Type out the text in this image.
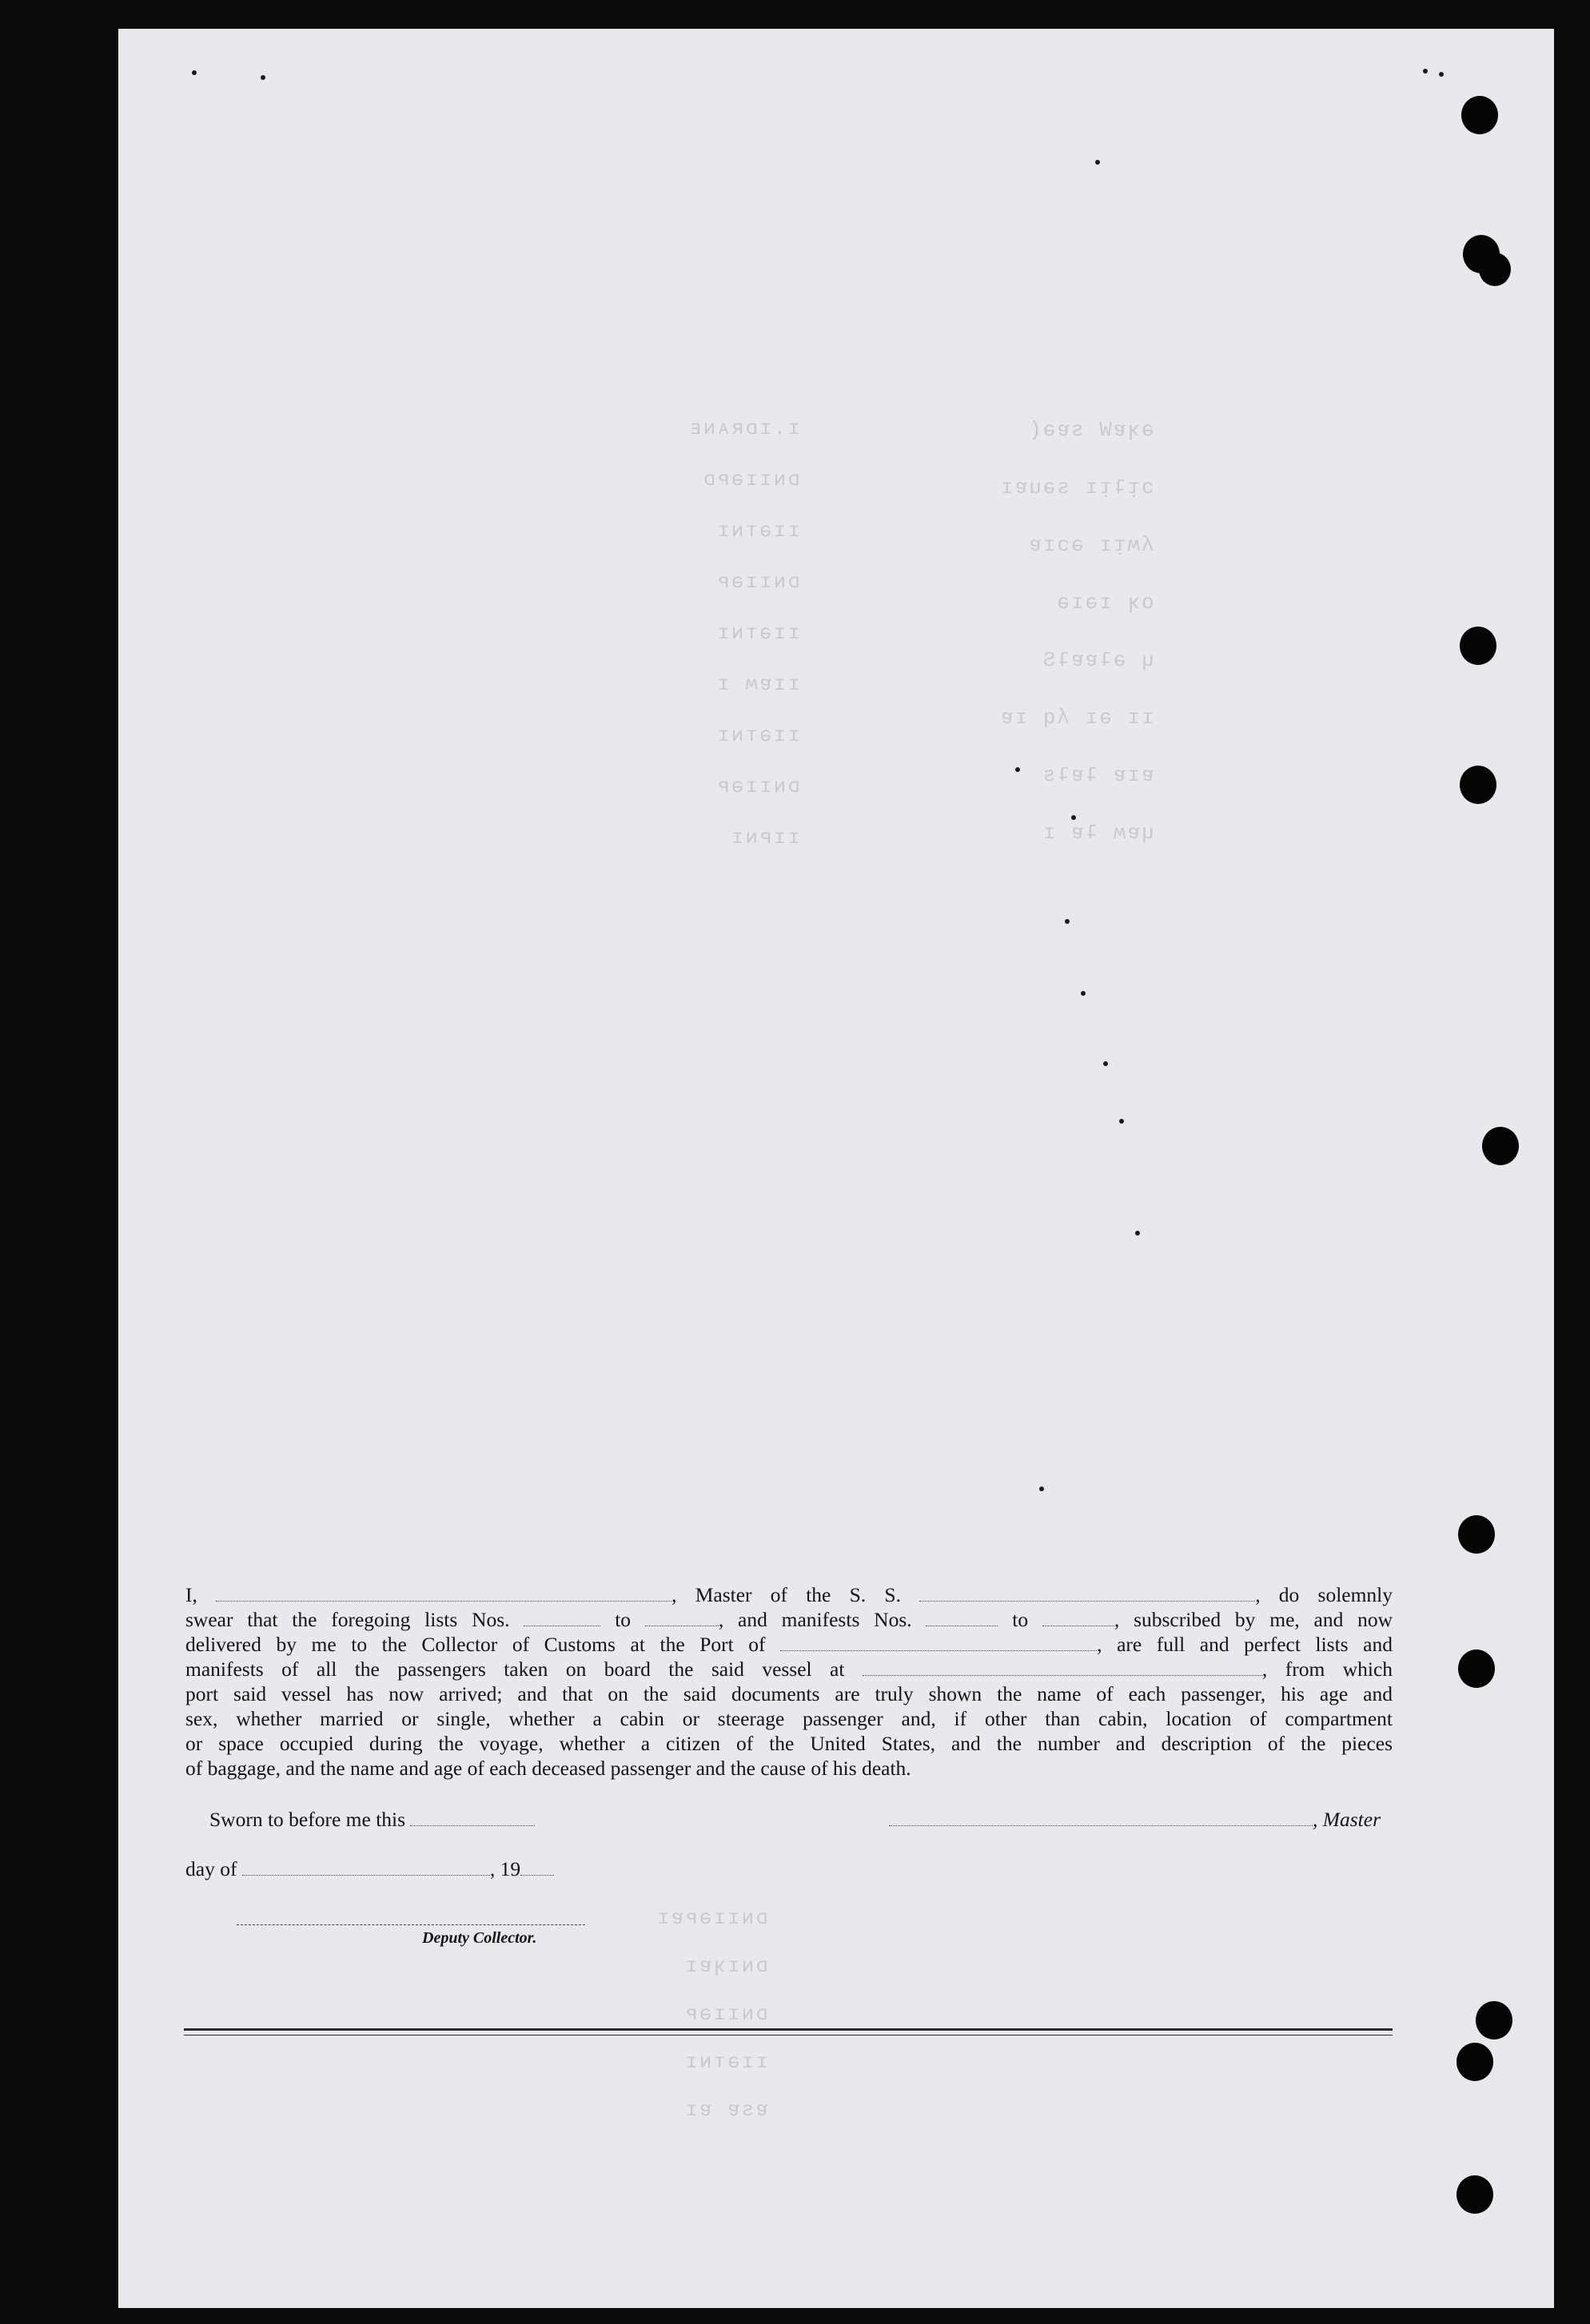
ɪ.ɪᴅʀᴀɴᴇ
ᴅɴɪɪǝᴘᴅ
ɪɪǝᴛɴɪ
ᴅɴɪɪǝᴘ
ɪɪǝᴛɴɪ
ɪɪɐʍ ɪ
ɪɪǝᴛɴɪ
ᴅɴɪɪǝᴘ
ɪɪᴘɴɪ

ǝʞɐW sɐǝ(
ɔᴉʇᴉɪ sǝuɐɪ
ʎʍᴉɪ ǝɔɪɐ
oʞ ɪǝɪǝ
ɥ ǝʇɐɐʇS
ɪɪ ǝɪ ʎq ɪɐ
ɐɪɐ ʇɐʇs
ɥɐʍ ʇɐ ɪ

ᴅɴɪɪǝᴘɐɪ
ᴅɴɪʞɐɪ
ᴅɴɪɪǝᴘ
ɪɪǝᴛɴɪ
ɐsɐ ɐɪ

I,	, Master of the S. S.	, do solemnly
swear that the foregoing lists Nos.	to	, and manifests Nos.	to	, subscribed by me, and now
delivered by me to the Collector of Customs at the Port of	, are full and perfect lists and
manifests of all the passengers taken on board the said vessel at	, from which
port said vessel has now arrived; and that on the said documents are truly shown the name of each passenger, his age and
sex, whether married or single, whether a cabin or steerage passenger and, if other than cabin, location of compartment
or space occupied during the voyage, whether a citizen of the United States, and the number and description of the pieces
of baggage, and the name and age of each deceased passenger and the cause of his death.
Sworn to before me this	, Master
day of	, 19
Deputy Collector.
